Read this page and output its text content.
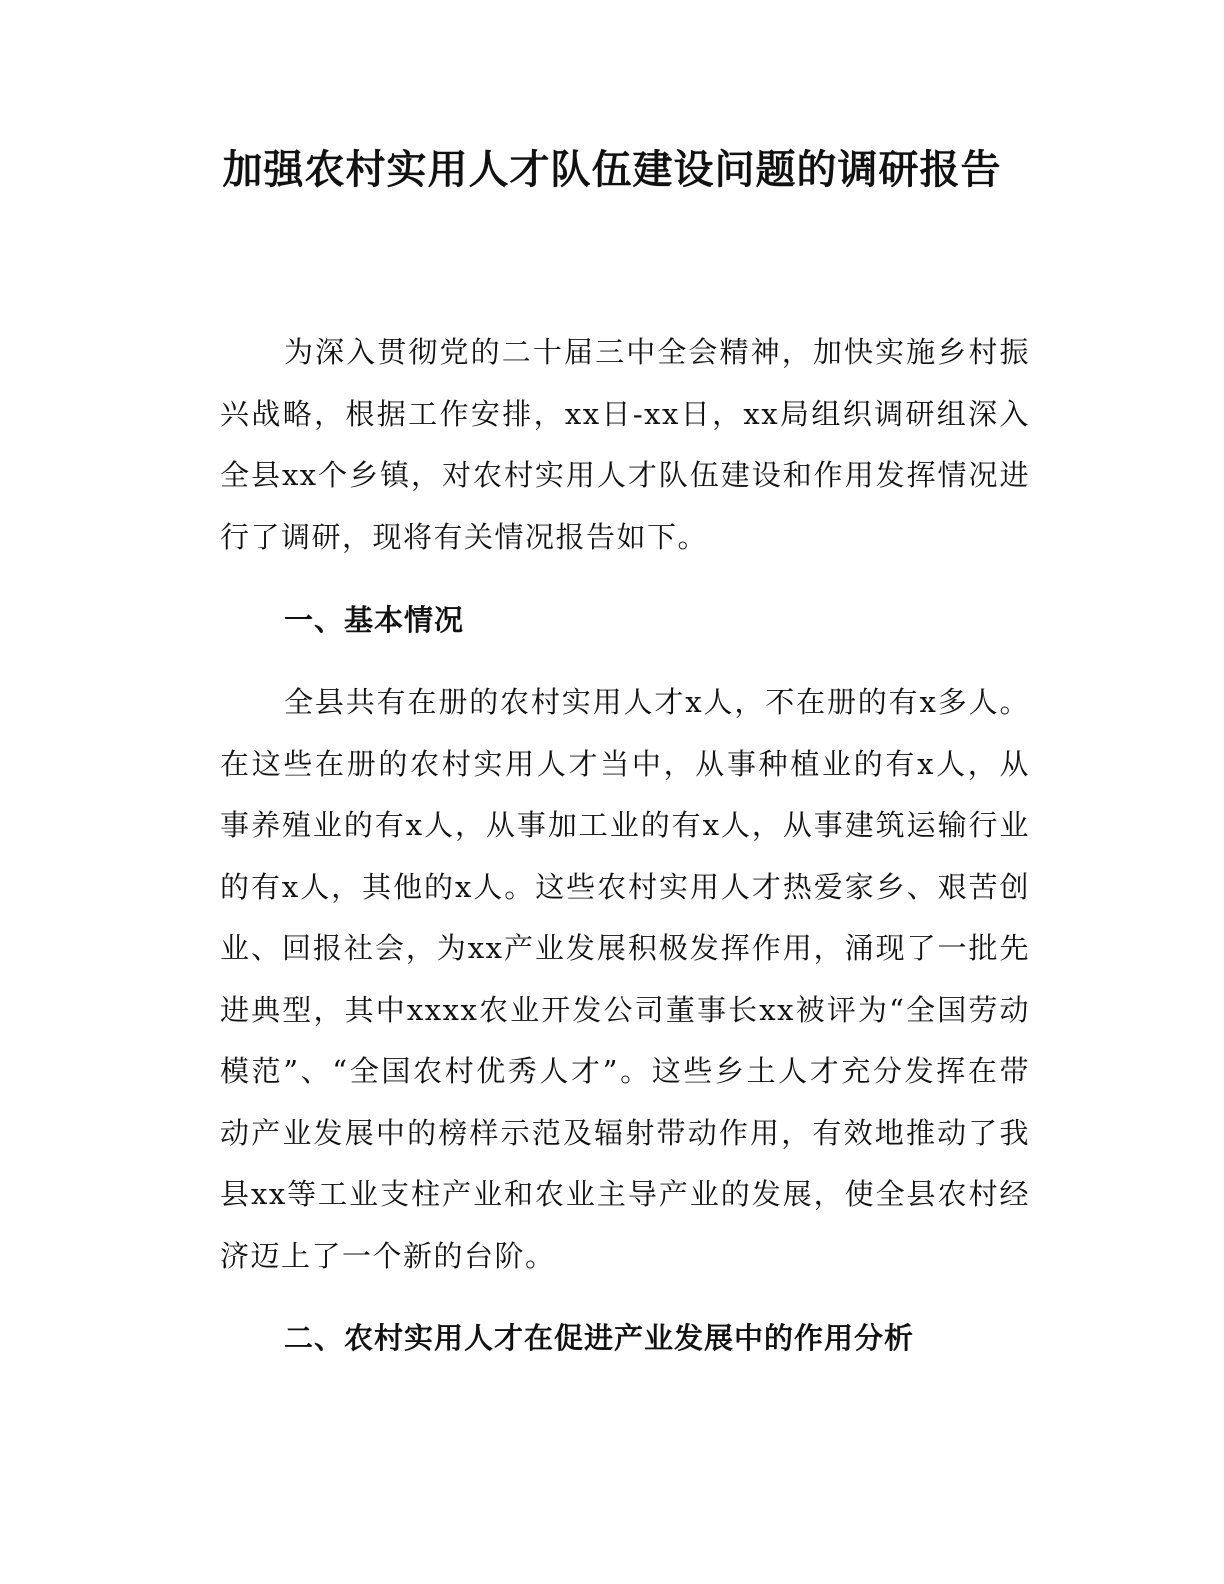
加强农村实用人才队伍建设问题的调研报告

为深入贯彻党的二十届三中全会精神，加快实施乡村振兴战略，根据工作安排，xx日-xx日，xx局组织调研组深入全县xx个乡镇，对农村实用人才队伍建设和作用发挥情况进行了调研，现将有关情况报告如下。

一、基本情况

全县共有在册的农村实用人才x人，不在册的有x多人。在这些在册的农村实用人才当中，从事种植业的有x人，从事养殖业的有x人，从事加工业的有x人，从事建筑运输行业的有x人，其他的x人。这些农村实用人才热爱家乡、艰苦创业、回报社会，为xx产业发展积极发挥作用，涌现了一批先进典型，其中xxxx农业开发公司董事长xx被评为“全国劳动模范”、“全国农村优秀人才”。这些乡土人才充分发挥在带动产业发展中的榜样示范及辐射带动作用，有效地推动了我县xx等工业支柱产业和农业主导产业的发展，使全县农村经济迈上了一个新的台阶。

二、农村实用人才在促进产业发展中的作用分析
